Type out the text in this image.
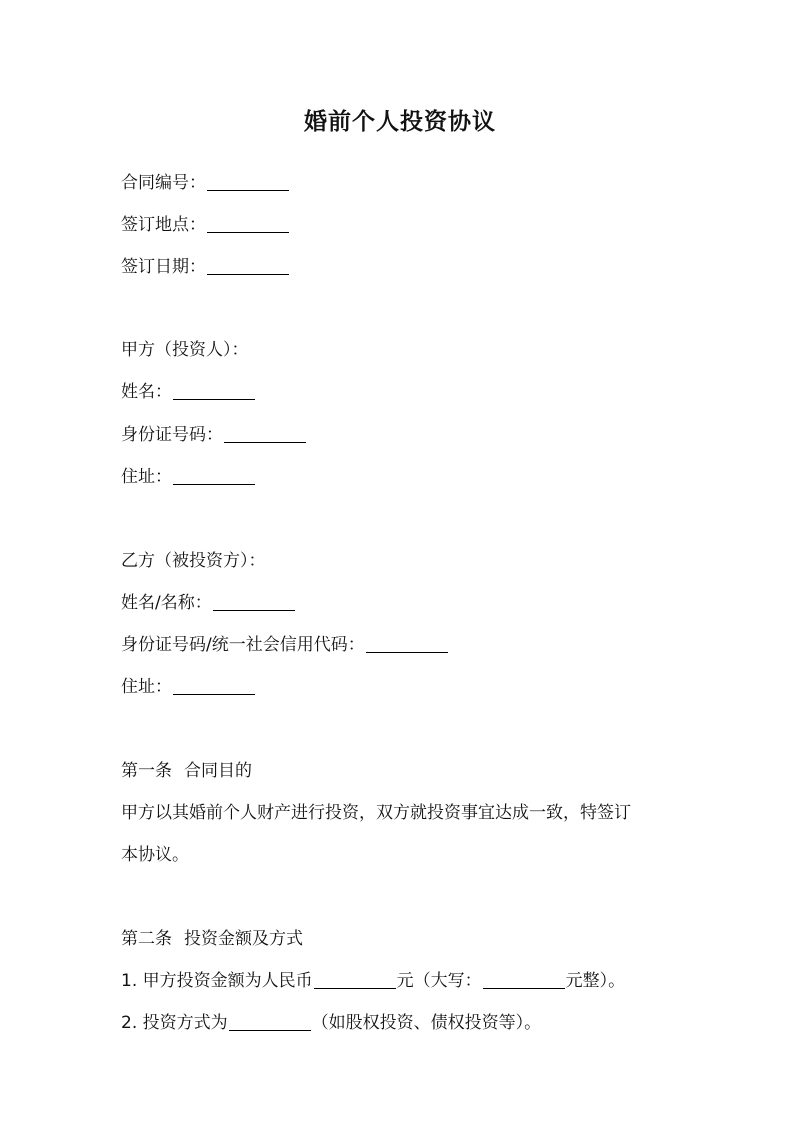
婚前个人投资协议
合同编号：
签订地点：
签订日期：
甲方（投资人）：
姓名：
身份证号码：
住址：
乙方（被投资方）：
姓名/名称：
身份证号码/统一社会信用代码：
住址：
第一条 合同目的
甲方以其婚前个人财产进行投资，双方就投资事宜达成一致，特签订
本协议。
第二条 投资金额及方式
1. 甲方投资金额为人民币	元（大写：	元整）。
2. 投资方式为	（如股权投资、债权投资等）。
